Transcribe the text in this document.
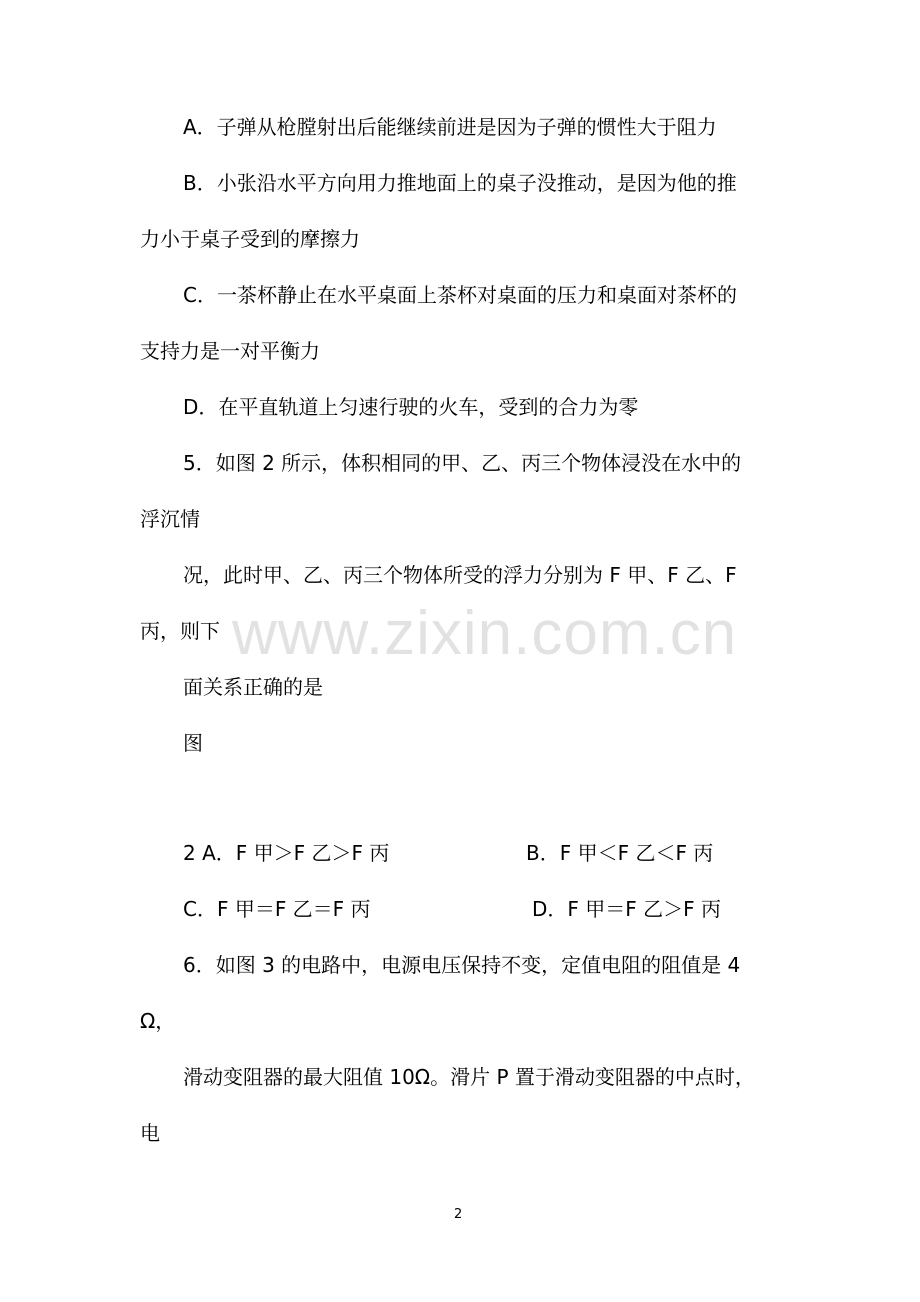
A．子弹从枪膛射出后能继续前进是因为子弹的惯性大于阻力
B．小张沿水平方向用力推地面上的桌子没推动，是因为他的推
力小于桌子受到的摩擦力
C．一茶杯静止在水平桌面上茶杯对桌面的压力和桌面对茶杯的
支持力是一对平衡力
D．在平直轨道上匀速行驶的火车，受到的合力为零
5．如图 2 所示，体积相同的甲、乙、丙三个物体浸没在水中的
浮沉情
况，此时甲、乙、丙三个物体所受的浮力分别为 F 甲、F 乙、F
丙，则下
面关系正确的是
图
2 A．F 甲＞F 乙＞F 丙	B．F 甲＜F 乙＜F 丙
C．F 甲＝F 乙＝F 丙	D．F 甲＝F 乙＞F 丙
6．如图 3 的电路中，电源电压保持不变，定值电阻的阻值是 4
Ω，
滑动变阻器的最大阻值 10Ω。滑片 P 置于滑动变阻器的中点时，
电
www.zixin.com.cn
2
